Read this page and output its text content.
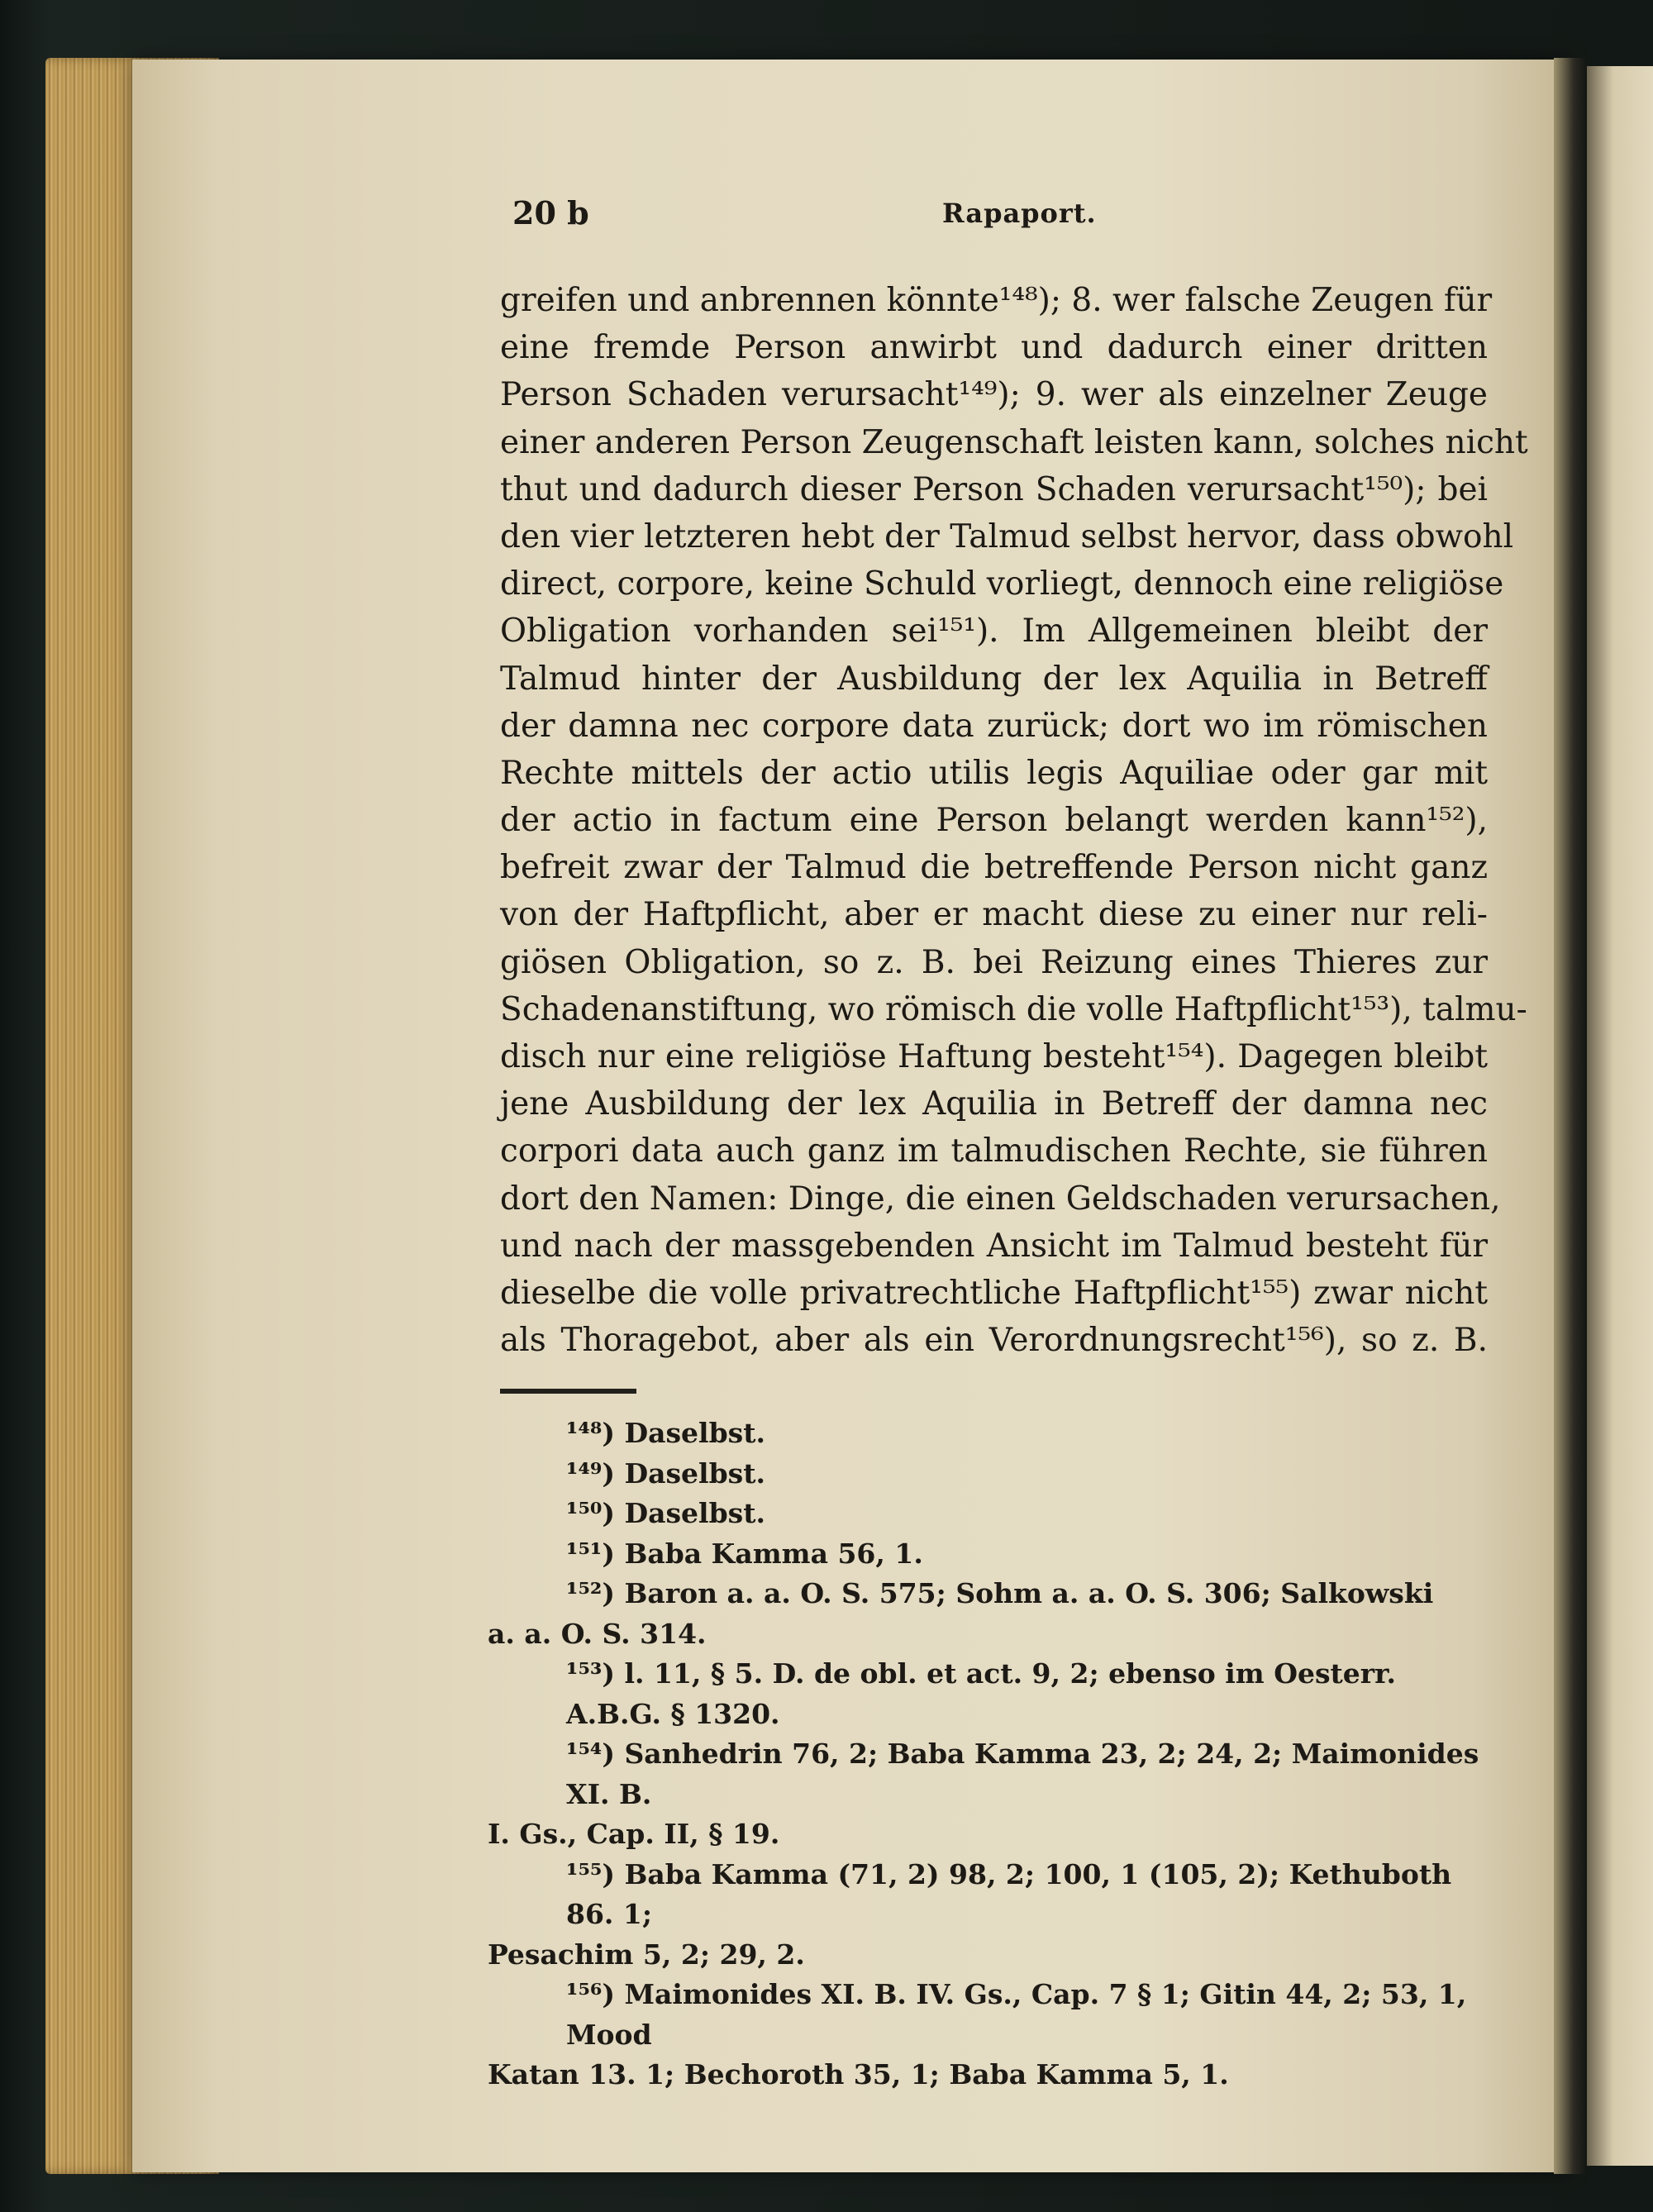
20 b	Rapaport.
greifen und anbrennen könnte¹⁴⁸); 8. wer falsche Zeugen für
eine fremde Person anwirbt und dadurch einer dritten
Person Schaden verursacht¹⁴⁹); 9. wer als einzelner Zeuge
einer anderen Person Zeugenschaft leisten kann, solches nicht
thut und dadurch dieser Person Schaden verursacht¹⁵⁰); bei
den vier letzteren hebt der Talmud selbst hervor, dass obwohl
direct, corpore, keine Schuld vorliegt, dennoch eine religiöse
Obligation vorhanden sei¹⁵¹). Im Allgemeinen bleibt der
Talmud hinter der Ausbildung der lex Aquilia in Betreff
der damna nec corpore data zurück; dort wo im römischen
Rechte mittels der actio utilis legis Aquiliae oder gar mit
der actio in factum eine Person belangt werden kann¹⁵²),
befreit zwar der Talmud die betreffende Person nicht ganz
von der Haftpflicht, aber er macht diese zu einer nur reli-
giösen Obligation, so z. B. bei Reizung eines Thieres zur
Schadenanstiftung, wo römisch die volle Haftpflicht¹⁵³), talmu-
disch nur eine religiöse Haftung besteht¹⁵⁴). Dagegen bleibt
jene Ausbildung der lex Aquilia in Betreff der damna nec
corpori data auch ganz im talmudischen Rechte, sie führen
dort den Namen: Dinge, die einen Geldschaden verursachen,
und nach der massgebenden Ansicht im Talmud besteht für
dieselbe die volle privatrechtliche Haftpflicht¹⁵⁵) zwar nicht
als Thoragebot, aber als ein Verordnungsrecht¹⁵⁶), so z. B.
¹⁴⁸) Daselbst.
¹⁴⁹) Daselbst.
¹⁵⁰) Daselbst.
¹⁵¹) Baba Kamma 56, 1.
¹⁵²) Baron a. a. O. S. 575; Sohm a. a. O. S. 306; Salkowski
a. a. O. S. 314.
¹⁵³) l. 11, § 5. D. de obl. et act. 9, 2; ebenso im Oesterr. A.B.G. § 1320.
¹⁵⁴) Sanhedrin 76, 2; Baba Kamma 23, 2; 24, 2; Maimonides XI. B.
I. Gs., Cap. II, § 19.
¹⁵⁵) Baba Kamma (71, 2) 98, 2; 100, 1 (105, 2); Kethuboth 86. 1;
Pesachim 5, 2; 29, 2.
¹⁵⁶) Maimonides XI. B. IV. Gs., Cap. 7 § 1; Gitin 44, 2; 53, 1, Mood
Katan 13. 1; Bechoroth 35, 1; Baba Kamma 5, 1.
